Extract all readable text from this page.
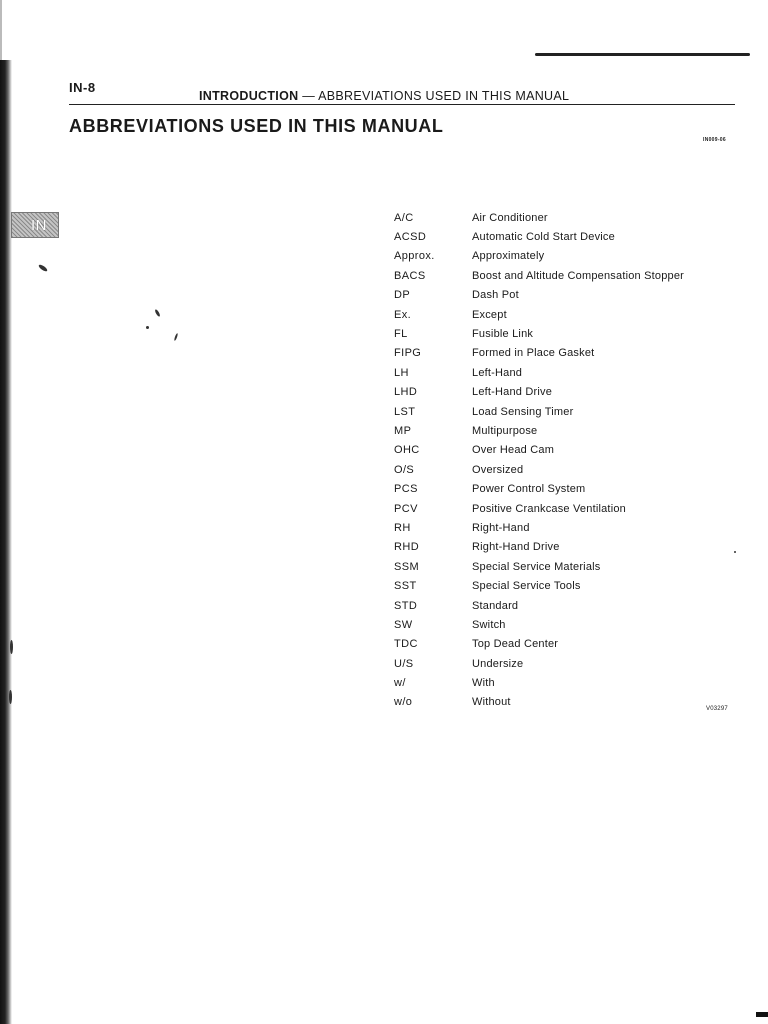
IN-8
INTRODUCTION — ABBREVIATIONS USED IN THIS MANUAL
ABBREVIATIONS USED IN THIS MANUAL
IN009-06
IN	A/C	Air Conditioner
ACSD	Automatic Cold Start Device
Approx.	Approximately
BACS	Boost and Altitude Compensation Stopper
DP	Dash Pot
Ex.	Except
FL	Fusible Link
FIPG	Formed in Place Gasket
LH	Left-Hand
LHD	Left-Hand Drive
LST	Load Sensing Timer
MP	Multipurpose
OHC	Over Head Cam
O/S	Oversized
PCS	Power Control System
PCV	Positive Crankcase Ventilation
RH	Right-Hand
RHD	Right-Hand Drive
SSM	Special Service Materials
SST	Special Service Tools
STD	Standard
SW	Switch
TDC	Top Dead Center
U/S	Undersize
w/	With
w/o	Without
V03297
